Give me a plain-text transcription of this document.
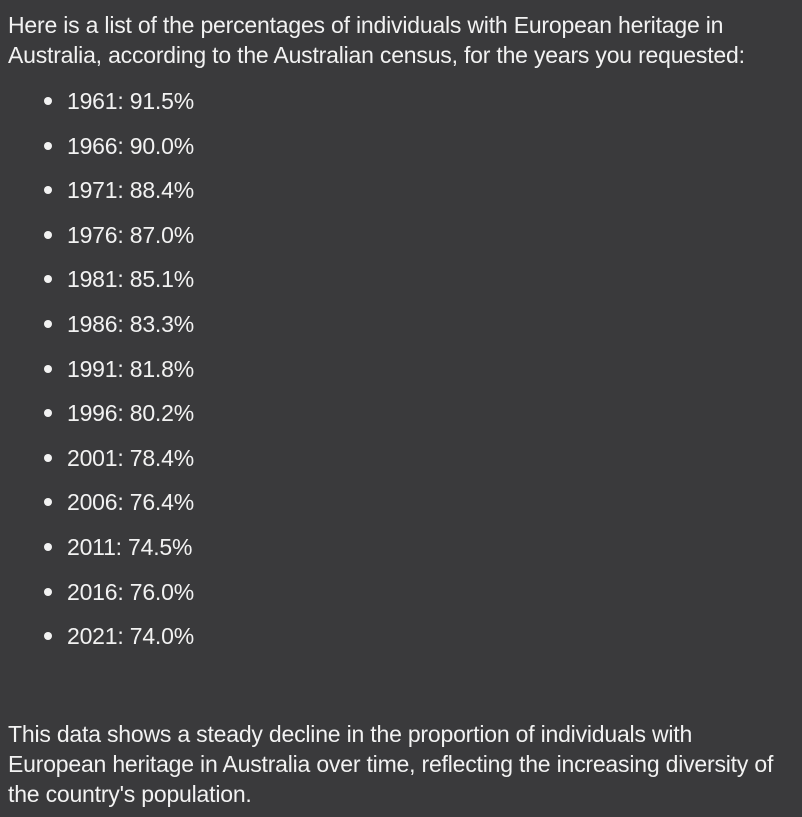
Here is a list of the percentages of individuals with European heritage in Australia, according to the Australian census, for the years you requested:

1961: 91.5%
1966: 90.0%
1971: 88.4%
1976: 87.0%
1981: 85.1%
1986: 83.3%
1991: 81.8%
1996: 80.2%
2001: 78.4%
2006: 76.4%
2011: 74.5%
2016: 76.0%
2021: 74.0%

This data shows a steady decline in the proportion of individuals with European heritage in Australia over time, reflecting the increasing diversity of the country's population.
